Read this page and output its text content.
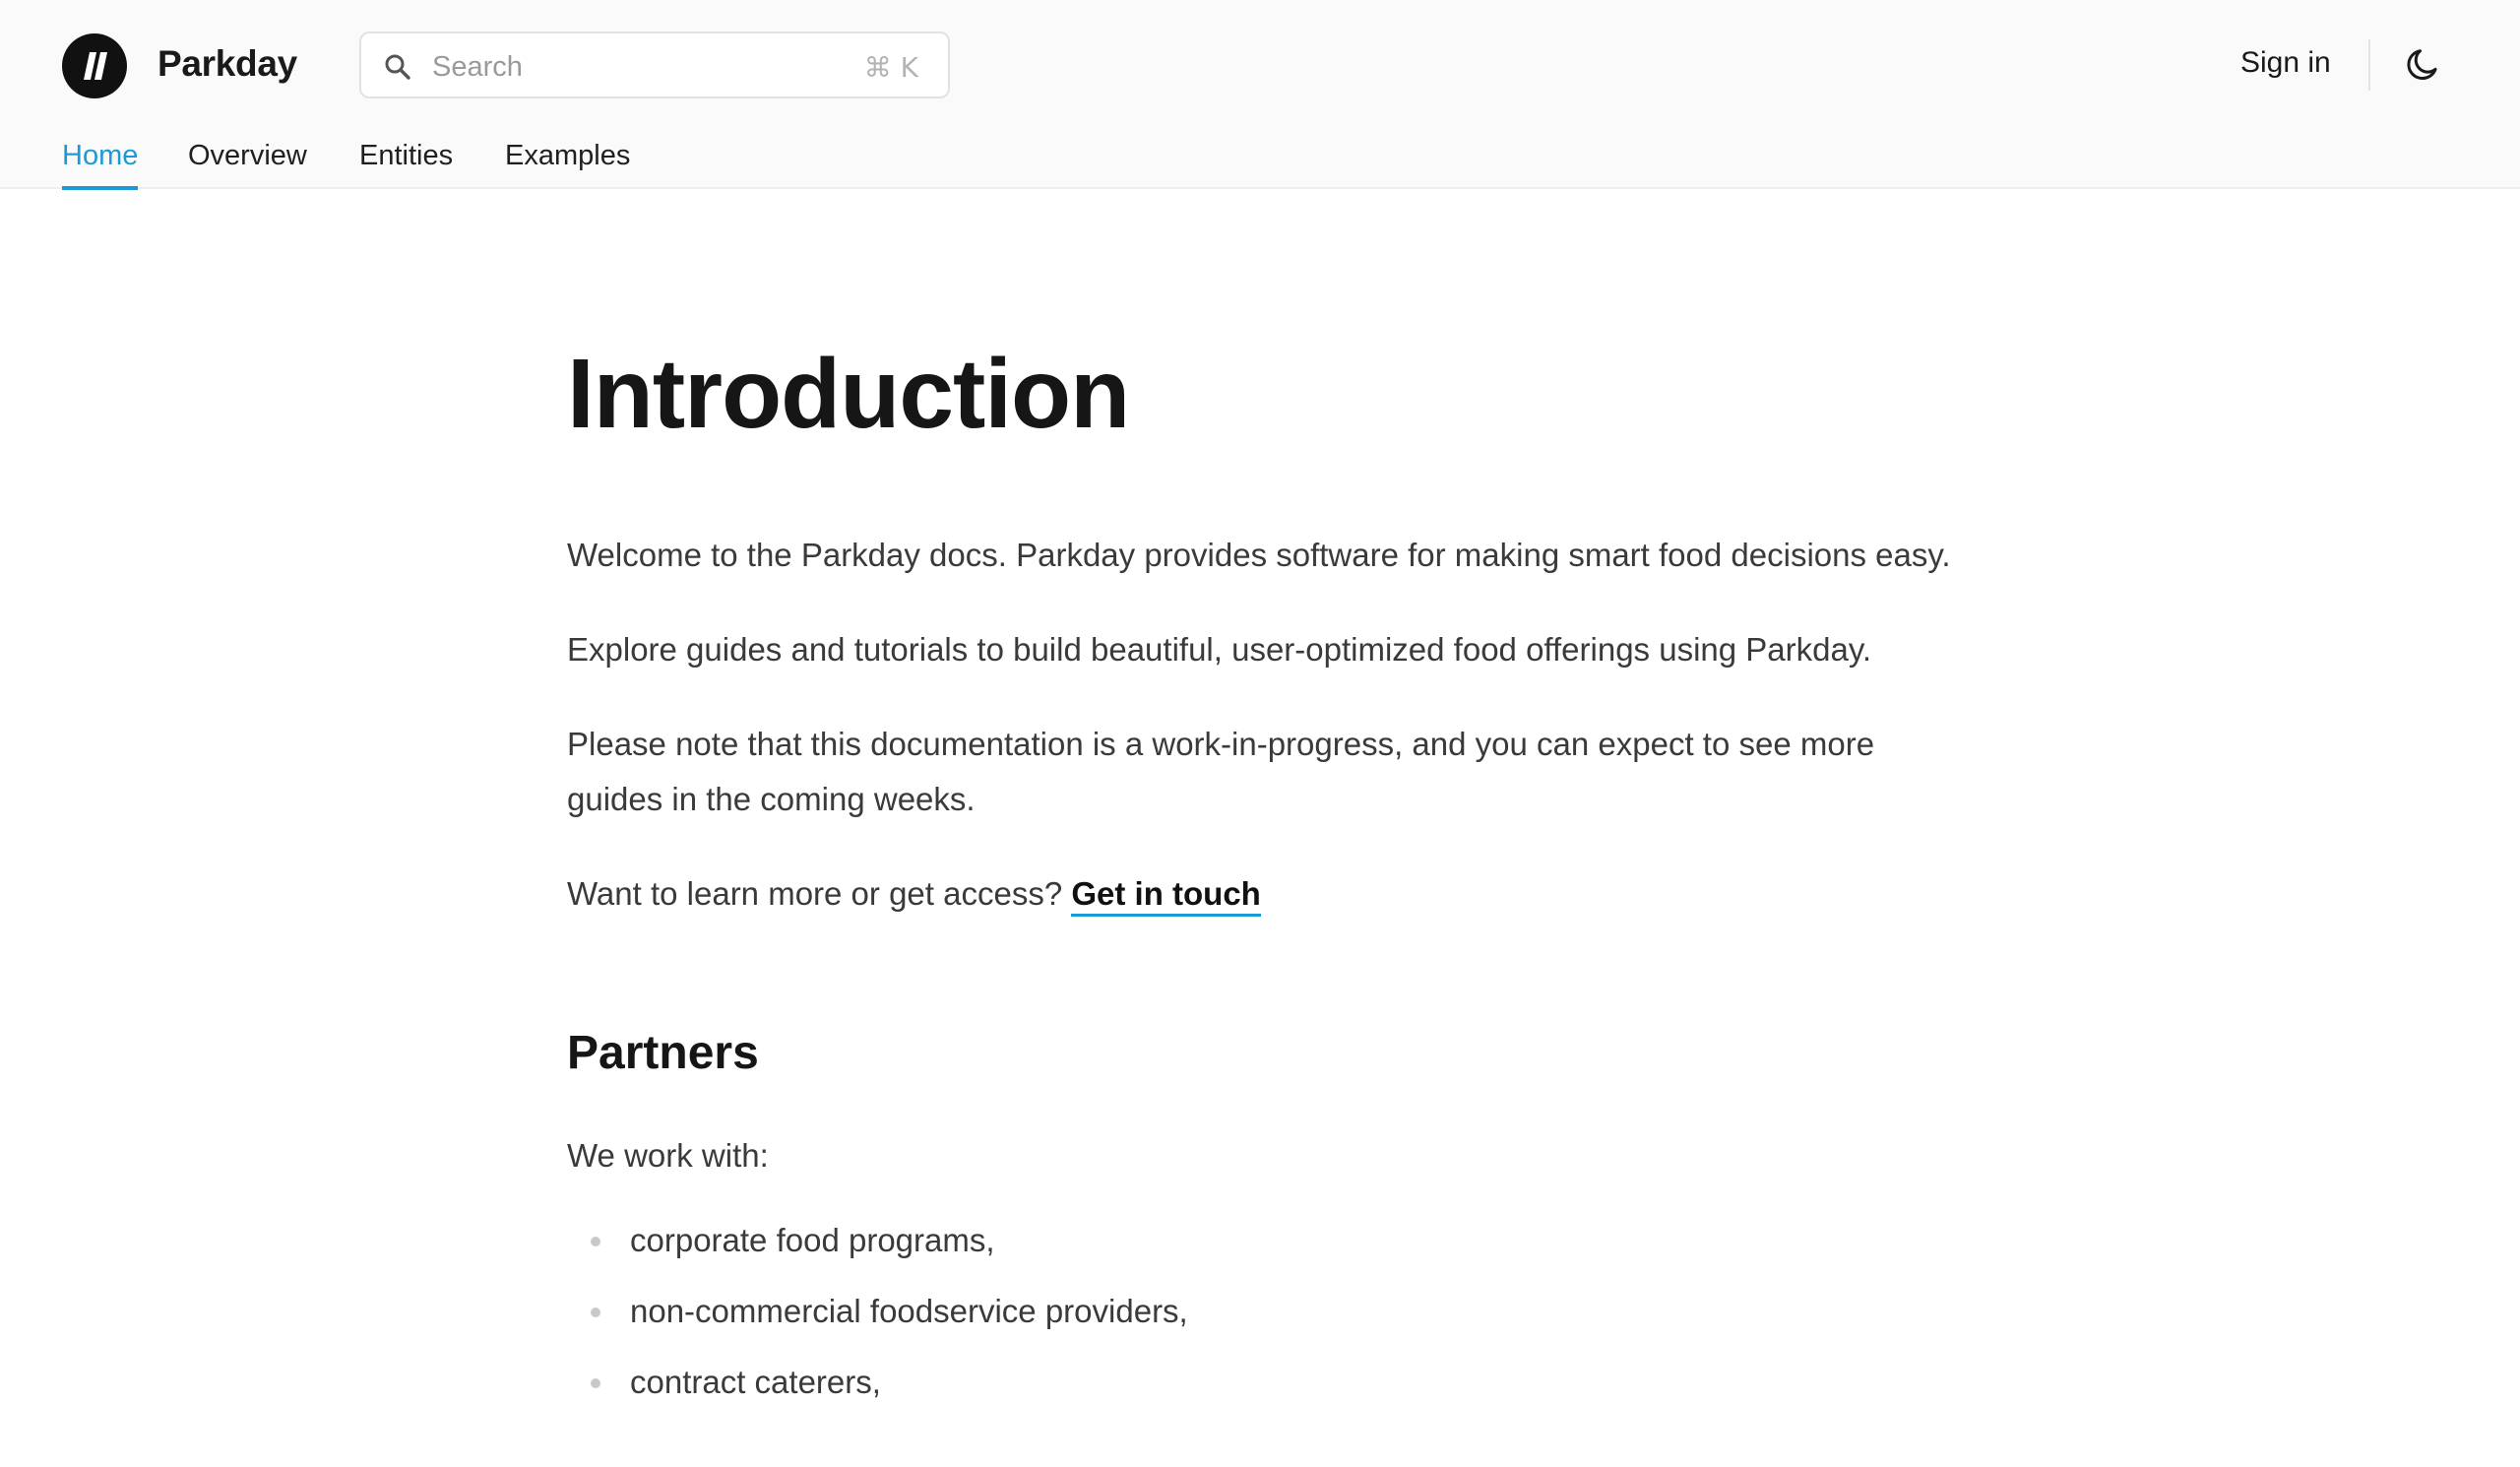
Parkday	Search	⌘ K	Sign in
Home Overview Entities Examples
Introduction

Welcome to the Parkday docs. Parkday provides software for making smart food decisions easy.

Explore guides and tutorials to build beautiful, user-optimized food offerings using Parkday.

Please note that this documentation is a work-in-progress, and you can expect to see more guides in the coming weeks.

Want to learn more or get access? Get in touch

Partners

We work with:

corporate food programs,
non-commercial foodservice providers,
contract caterers,
